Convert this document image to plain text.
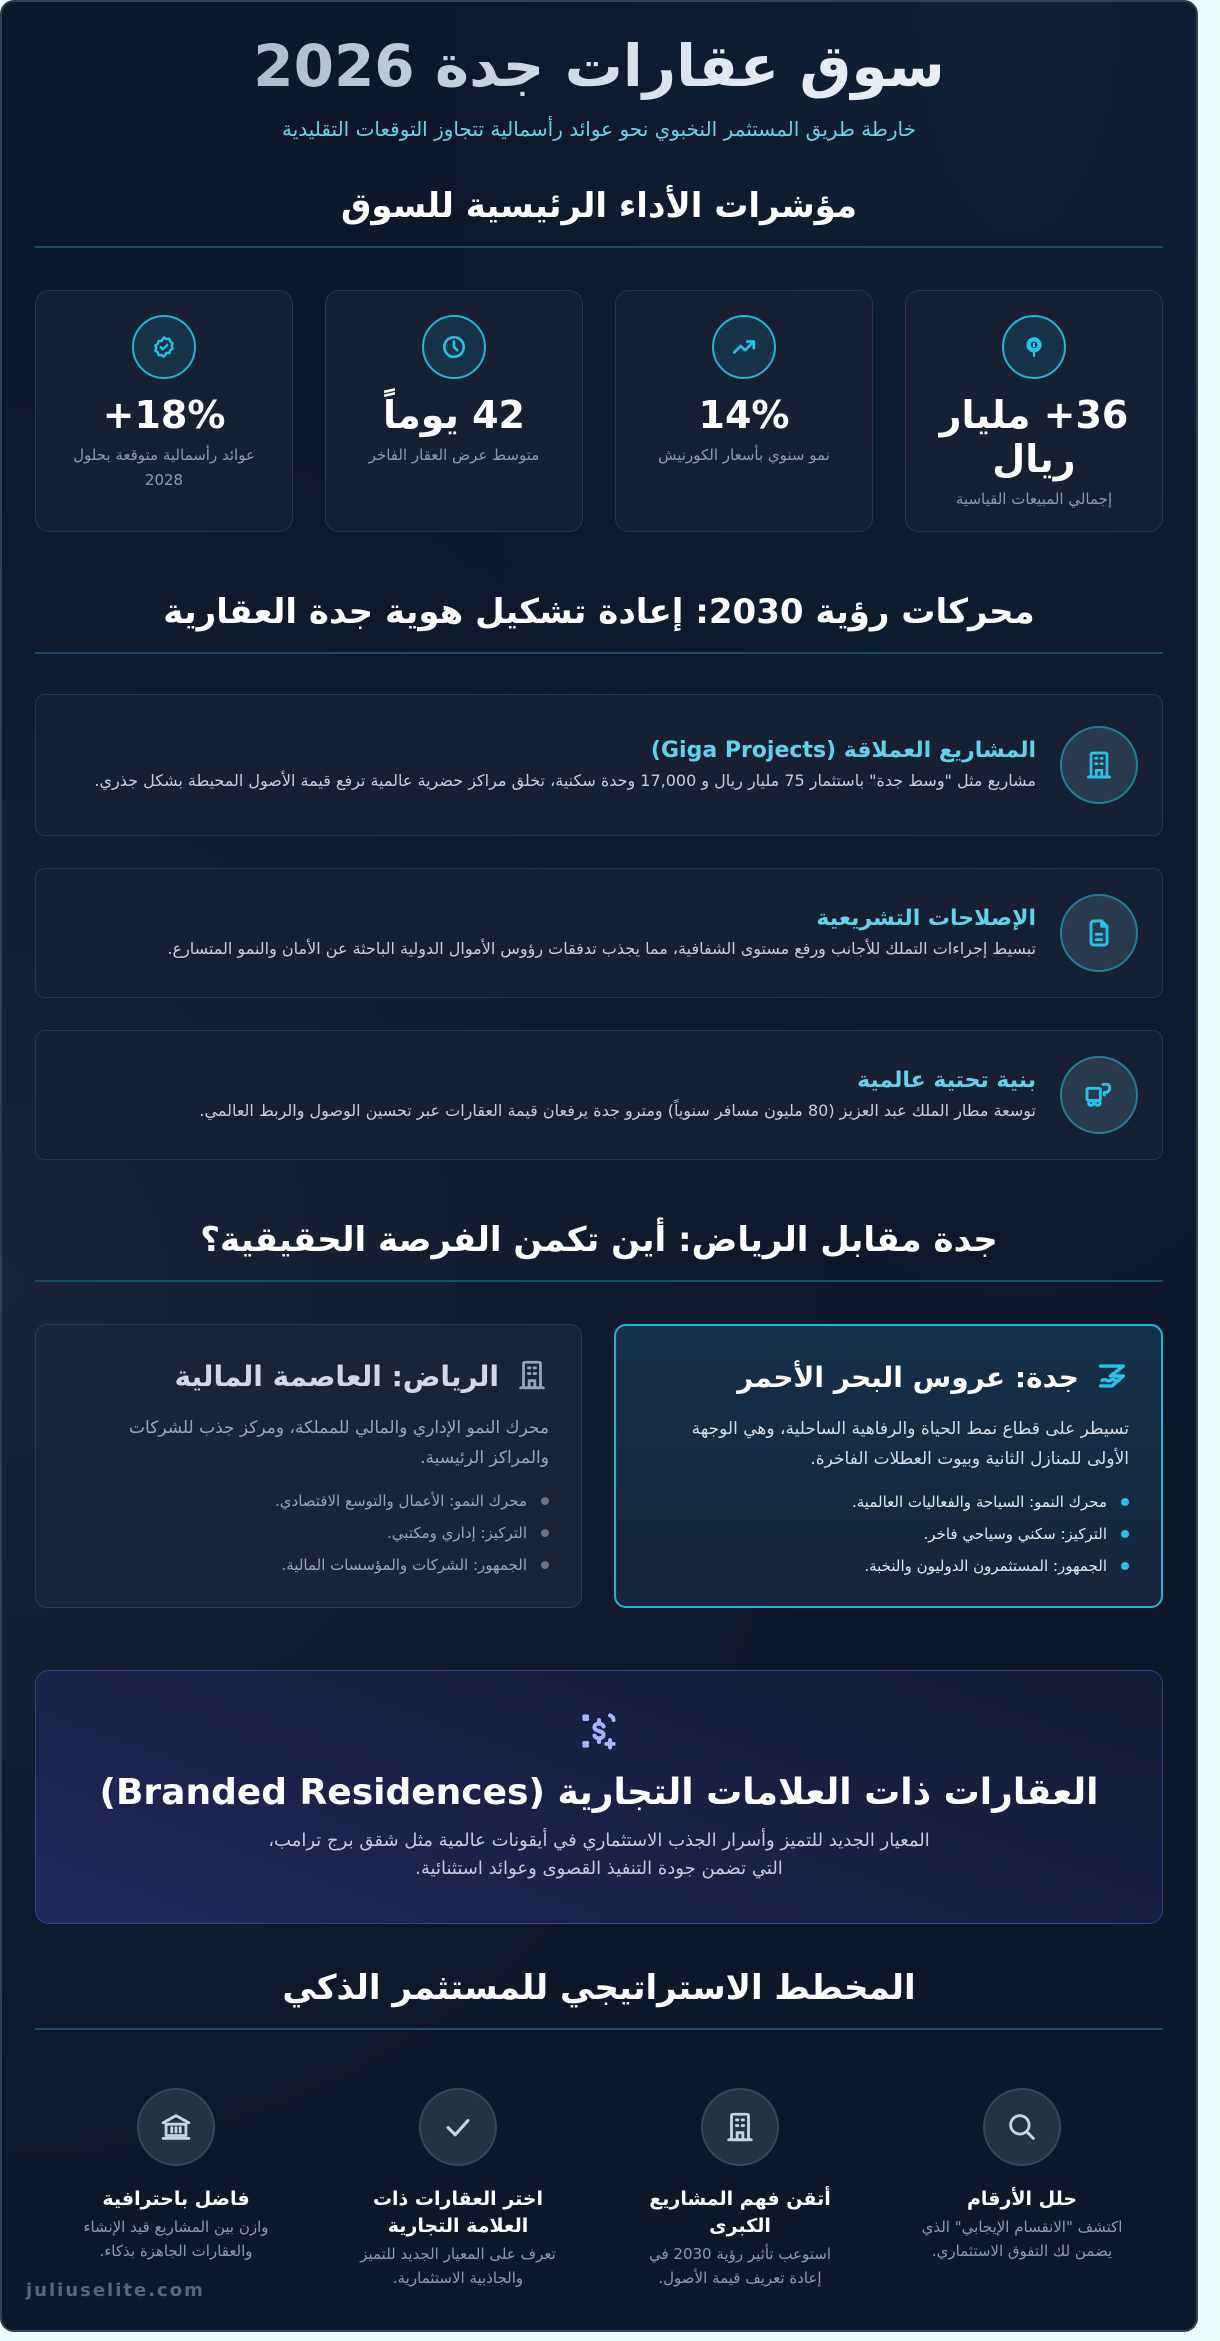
سوق عقارات جدة 2026

خارطة طريق المستثمر النخبوي نحو عوائد رأسمالية تتجاوز التوقعات التقليدية

مؤشرات الأداء الرئيسية للسوق
36+ مليار ريال
إجمالي المبيعات القياسية
14%
نمو سنوي بأسعار الكورنيش
42 يوماً
متوسط عرض العقار الفاخر
18%+
عوائد رأسمالية متوقعة بحلول 2028
محركات رؤية 2030: إعادة تشكيل هوية جدة العقارية
المشاريع العملاقة (Giga Projects)
مشاريع مثل "وسط جدة" باستثمار 75 مليار ريال و 17,000 وحدة سكنية، تخلق مراكز حضرية عالمية ترفع قيمة الأصول المحيطة بشكل جذري.
الإصلاحات التشريعية
تبسيط إجراءات التملك للأجانب ورفع مستوى الشفافية، مما يجذب تدفقات رؤوس الأموال الدولية الباحثة عن الأمان والنمو المتسارع.
بنية تحتية عالمية
توسعة مطار الملك عبد العزيز (80 مليون مسافر سنوياً) ومترو جدة يرفعان قيمة العقارات عبر تحسين الوصول والربط العالمي.
جدة مقابل الرياض: أين تكمن الفرصة الحقيقية؟
جدة: عروس البحر الأحمر

تسيطر على قطاع نمط الحياة والرفاهية الساحلية، وهي الوجهة الأولى للمنازل الثانية وبيوت العطلات الفاخرة.

محرك النمو: السياحة والفعاليات العالمية.
التركيز: سكني وسياحي فاخر.
الجمهور: المستثمرون الدوليون والنخبة.
الرياض: العاصمة المالية

محرك النمو الإداري والمالي للمملكة، ومركز جذب للشركات والمراكز الرئيسية.

محرك النمو: الأعمال والتوسع الاقتصادي.
التركيز: إداري ومكتبي.
الجمهور: الشركات والمؤسسات المالية.
العقارات ذات العلامات التجارية (Branded Residences)

المعيار الجديد للتميز وأسرار الجذب الاستثماري في أيقونات عالمية مثل شقق برج ترامب،
التي تضمن جودة التنفيذ القصوى وعوائد استثنائية.

المخطط الاستراتيجي للمستثمر الذكي
حلل الأرقام
اكتشف "الانقسام الإيجابي" الذي يضمن لك التفوق الاستثماري.
أتقن فهم المشاريع الكبرى
استوعب تأثير رؤية 2030 في إعادة تعريف قيمة الأصول.
اختر العقارات ذات العلامة التجارية
تعرف على المعيار الجديد للتميز والجاذبية الاستثمارية.
فاضل باحترافية
وازن بين المشاريع قيد الإنشاء والعقارات الجاهزة بذكاء.
juliuselite.com
